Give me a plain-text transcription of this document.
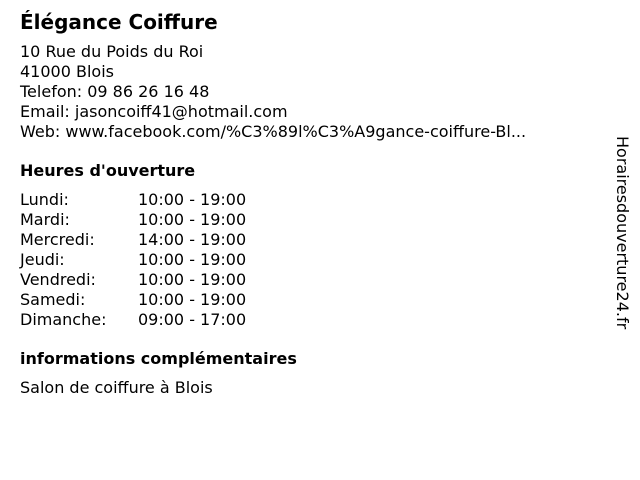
Élégance Coiffure
10 Rue du Poids du Roi
41000 Blois
Telefon: 09 86 26 16 48
Email: jasoncoiff41@hotmail.com
Web: www.facebook.com/%C3%89l%C3%A9gance-coiffure-Bl...
Heures d'ouverture
Lundi:	10:00 - 19:00
Mardi:	10:00 - 19:00
Mercredi:	14:00 - 19:00
Jeudi:	10:00 - 19:00
Vendredi:	10:00 - 19:00
Samedi:	10:00 - 19:00
Dimanche:	09:00 - 17:00
informations complémentaires
Salon de coiffure à Blois
Horairesdouverture24.fr
